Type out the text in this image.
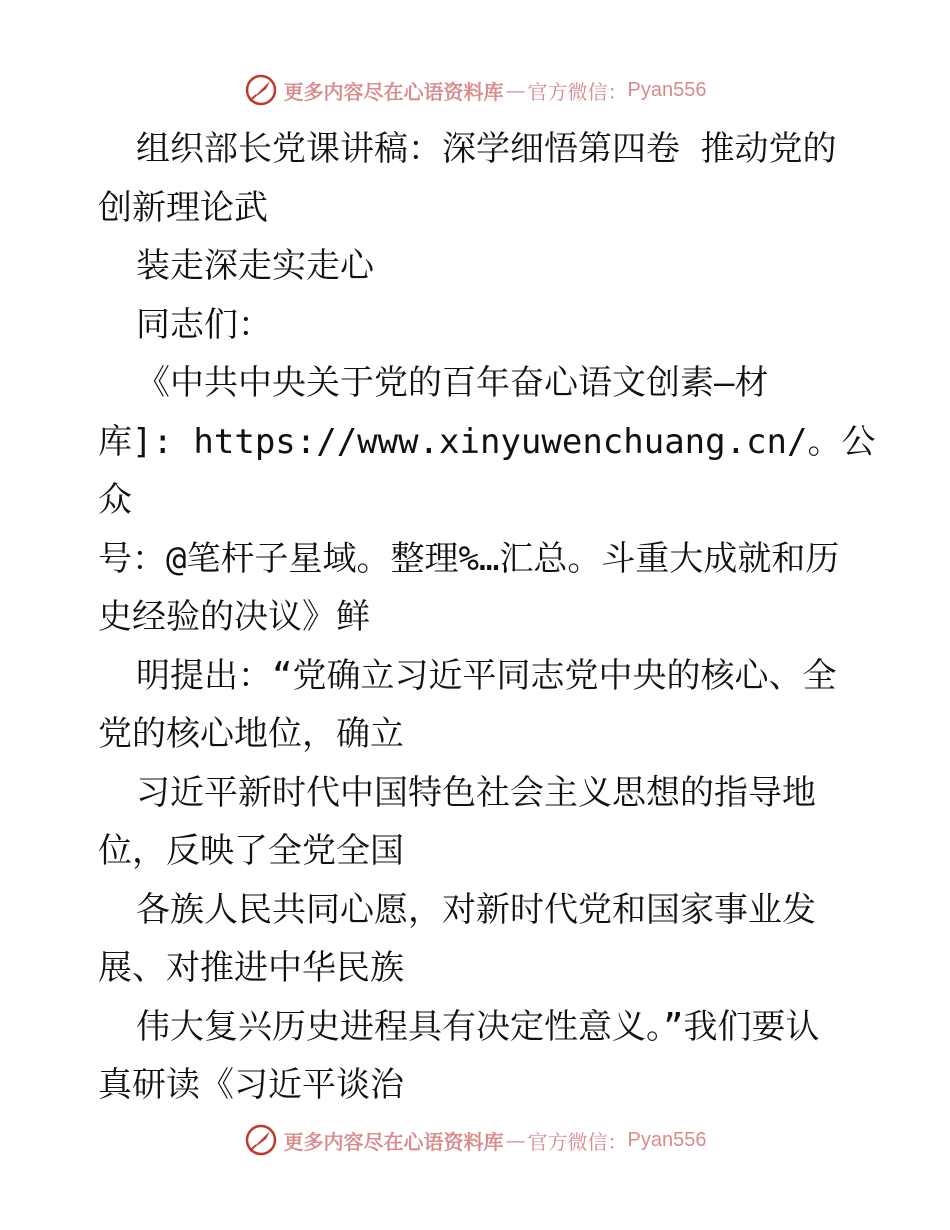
更多内容尽在心语资料库 — 官方微信： Pyan556

组织部长党课讲稿：深学细悟第四卷 推动党的

创新理论武

装走深走实走心

同志们：

《中共中央关于党的百年奋心语文创素—材

库]: https://www.xinyuwenchuang.cn/。公众

号：@笔杆子星域。整理%…汇总。斗重大成就和历

史经验的决议》鲜

明提出：“党确立习近平同志党中央的核心、全

党的核心地位，确立

习近平新时代中国特色社会主义思想的指导地

位，反映了全党全国

各族人民共同心愿，对新时代党和国家事业发

展、对推进中华民族

伟大复兴历史进程具有决定性意义。”我们要认

真研读《习近平谈治

更多内容尽在心语资料库 — 官方微信： Pyan556
